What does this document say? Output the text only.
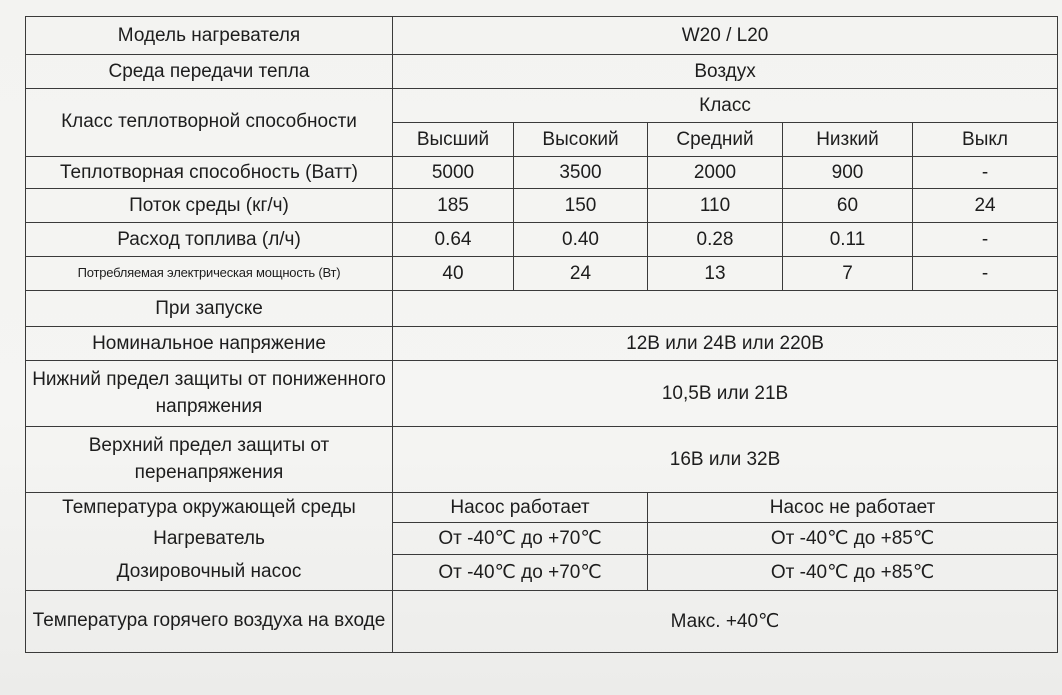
Модель нагревателя	W20 / L20				
Среда передачи тепла	Воздух				
Класс теплотворной способности	Класс				
	Высший	Высокий	Средний	Низкий	Выкл
Теплотворная способность (Ватт)	5000	3500	2000	900	-
Поток среды (кг/ч)	185	150	110	60	24
Расход топлива (л/ч)	0.64	0.40	0.28	0.11	-
Потребляемая электрическая мощность (Вт)	40	24	13	7	-
При запуске					
Номинальное напряжение	12В или 24В или 220В				
Нижний предел защиты от пониженного напряжения	10,5В или 21В				
Верхний предел защиты от перенапряжения	16В или 32В				
Температура окружающей среды	Насос работает		Насос не работает		
Нагреватель	От -40℃ до +70℃		От -40℃ до +85℃		
Дозировочный насос	От -40℃ до +70℃		От -40℃ до +85℃		
Температура горячего воздуха на входе	Макс. +40℃				
